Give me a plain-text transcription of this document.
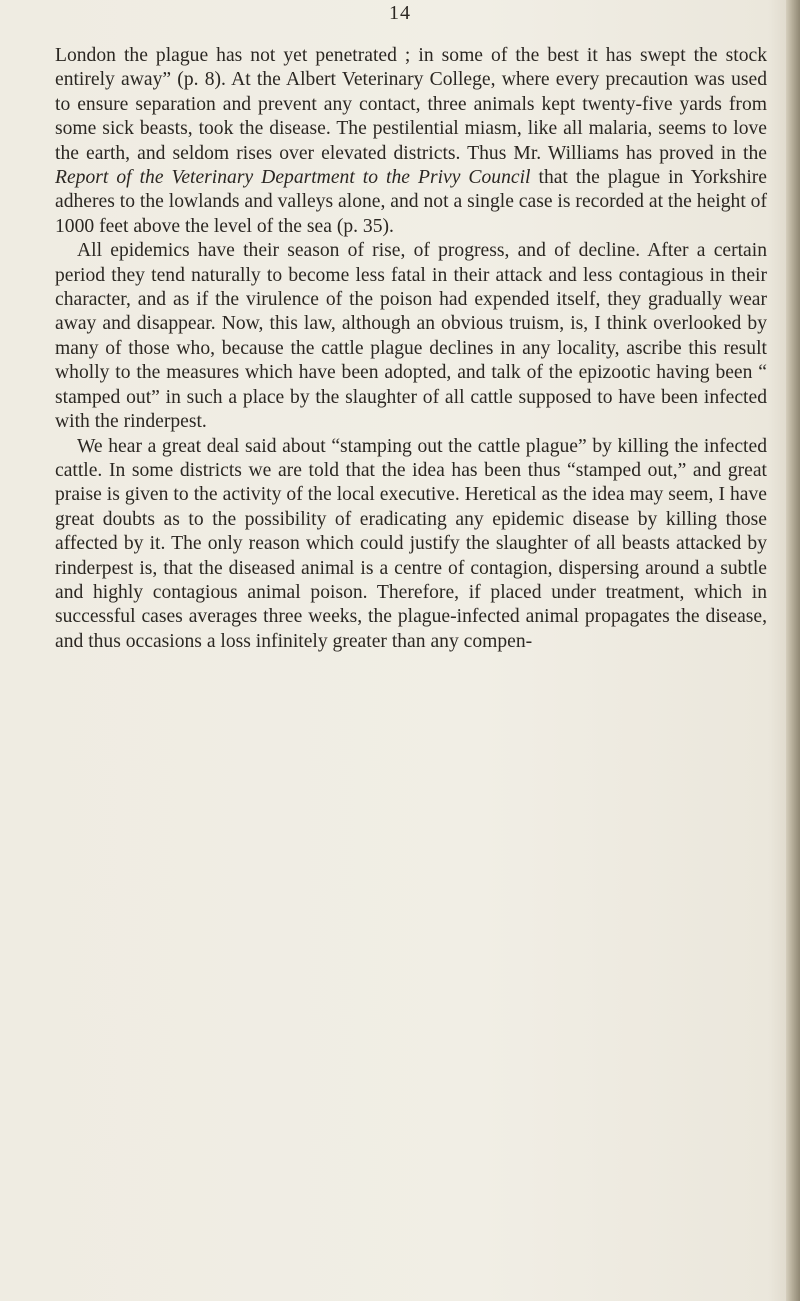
14

London the plague has not yet penetrated ; in some of the best it has swept the stock entirely away” (p. 8). At the Albert Veterinary College, where every precaution was used to ensure separation and prevent any contact, three animals kept twenty-five yards from some sick beasts, took the disease. The pestilential miasm, like all malaria, seems to love the earth, and seldom rises over elevated districts. Thus Mr. Williams has proved in the Report of the Veterinary Department to the Privy Council that the plague in Yorkshire adheres to the lowlands and valleys alone, and not a single case is recorded at the height of 1000 feet above the level of the sea (p. 35).

All epidemics have their season of rise, of progress, and of decline. After a certain period they tend naturally to become less fatal in their attack and less contagious in their character, and as if the virulence of the poison had expended itself, they gradually wear away and disappear. Now, this law, although an obvious truism, is, I think overlooked by many of those who, because the cattle plague declines in any locality, ascribe this result wholly to the measures which have been adopted, and talk of the epizootic having been “ stamped out” in such a place by the slaughter of all cattle supposed to have been infected with the rinderpest.

We hear a great deal said about “stamping out the cattle plague” by killing the infected cattle. In some districts we are told that the idea has been thus “stamped out,” and great praise is given to the activity of the local executive. Heretical as the idea may seem, I have great doubts as to the possibility of eradicating any epidemic disease by killing those affected by it. The only reason which could justify the slaughter of all beasts attacked by rinderpest is, that the diseased animal is a centre of contagion, dispersing around a subtle and highly contagious animal poison. Therefore, if placed under treatment, which in successful cases averages three weeks, the plague-infected animal propagates the disease, and thus occasions a loss infinitely greater than any compen-
